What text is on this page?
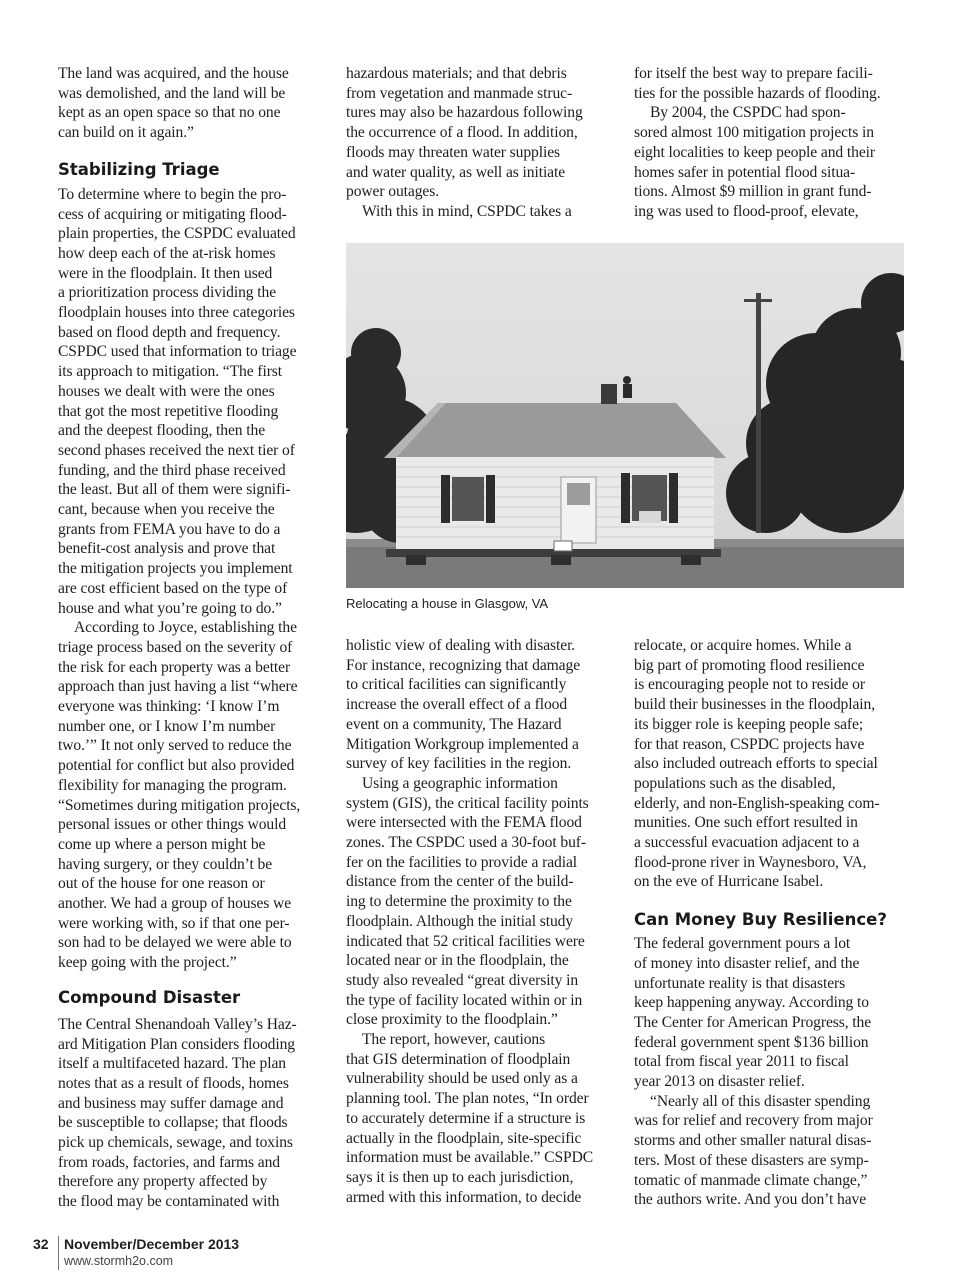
The land was acquired, and the house
was demolished, and the land will be
kept as an open space so that no one
can build on it again.”
To determine where to begin the pro-
cess of acquiring or mitigating flood-
plain properties, the CSPDC evaluated
how deep each of the at-risk homes
were in the floodplain. It then used
a prioritization process dividing the
floodplain houses into three categories
based on flood depth and frequency.
CSPDC used that information to triage
its approach to mitigation. “The first
houses we dealt with were the ones
that got the most repetitive flooding
and the deepest flooding, then the
second phases received the next tier of
funding, and the third phase received
the least. But all of them were signifi-
cant, because when you receive the
grants from FEMA you have to do a
benefit-cost analysis and prove that
the mitigation projects you implement
are cost efficient based on the type of
house and what you’re going to do.”
According to Joyce, establishing the
triage process based on the severity of
the risk for each property was a better
approach than just having a list “where
everyone was thinking: ‘I know I’m
number one, or I know I’m number
two.’” It not only served to reduce the
potential for conflict but also provided
flexibility for managing the program.
“Sometimes during mitigation projects,
personal issues or other things would
come up where a person might be
having surgery, or they couldn’t be
out of the house for one reason or
another. We had a group of houses we
were working with, so if that one per-
son had to be delayed we were able to
keep going with the project.”
The Central Shenandoah Valley’s Haz-
ard Mitigation Plan considers flooding
itself a multifaceted hazard. The plan
notes that as a result of floods, homes
and business may suffer damage and
be susceptible to collapse; that floods
pick up chemicals, sewage, and toxins
from roads, factories, and farms and
therefore any property affected by
the flood may be contaminated with
hazardous materials; and that debris
from vegetation and manmade struc-
tures may also be hazardous following
the occurrence of a flood. In addition,
floods may threaten water supplies
and water quality, as well as initiate
power outages.
With this in mind, CSPDC takes a
for itself the best way to prepare facili-
ties for the possible hazards of flooding.
By 2004, the CSPDC had spon-
sored almost 100 mitigation projects in
eight localities to keep people and their
homes safer in potential flood situa-
tions. Almost $9 million in grant fund-
ing was used to flood-proof, elevate,
holistic view of dealing with disaster.
For instance, recognizing that damage
to critical facilities can significantly
increase the overall effect of a flood
event on a community, The Hazard
Mitigation Workgroup implemented a
survey of key facilities in the region.
Using a geographic information
system (GIS), the critical facility points
were intersected with the FEMA flood
zones. The CSPDC used a 30-foot buf-
fer on the facilities to provide a radial
distance from the center of the build-
ing to determine the proximity to the
floodplain. Although the initial study
indicated that 52 critical facilities were
located near or in the floodplain, the
study also revealed “great diversity in
the type of facility located within or in
close proximity to the floodplain.”
The report, however, cautions
that GIS determination of floodplain
vulnerability should be used only as a
planning tool. The plan notes, “In order
to accurately determine if a structure is
actually in the floodplain, site-specific
information must be available.” CSPDC
says it is then up to each jurisdiction,
armed with this information, to decide
relocate, or acquire homes. While a
big part of promoting flood resilience
is encouraging people not to reside or
build their businesses in the floodplain,
its bigger role is keeping people safe;
for that reason, CSPDC projects have
also included outreach efforts to special
populations such as the disabled,
elderly, and non-English-speaking com-
munities. One such effort resulted in
a successful evacuation adjacent to a
flood-prone river in Waynesboro, VA,
on the eve of Hurricane Isabel.
The federal government pours a lot
of money into disaster relief, and the
unfortunate reality is that disasters
keep happening anyway. According to
The Center for American Progress, the
federal government spent $136 billion
total from fiscal year 2011 to fiscal
year 2013 on disaster relief.
“Nearly all of this disaster spending
was for relief and recovery from major
storms and other smaller natural disas-
ters. Most of these disasters are symp-
tomatic of manmade climate change,”
the authors write. And you don’t have
Stabilizing Triage
Compound Disaster
Can Money Buy Resilience?
Relocating a house in Glasgow, VA
32 November/December 2013
www.stormh2o.com
